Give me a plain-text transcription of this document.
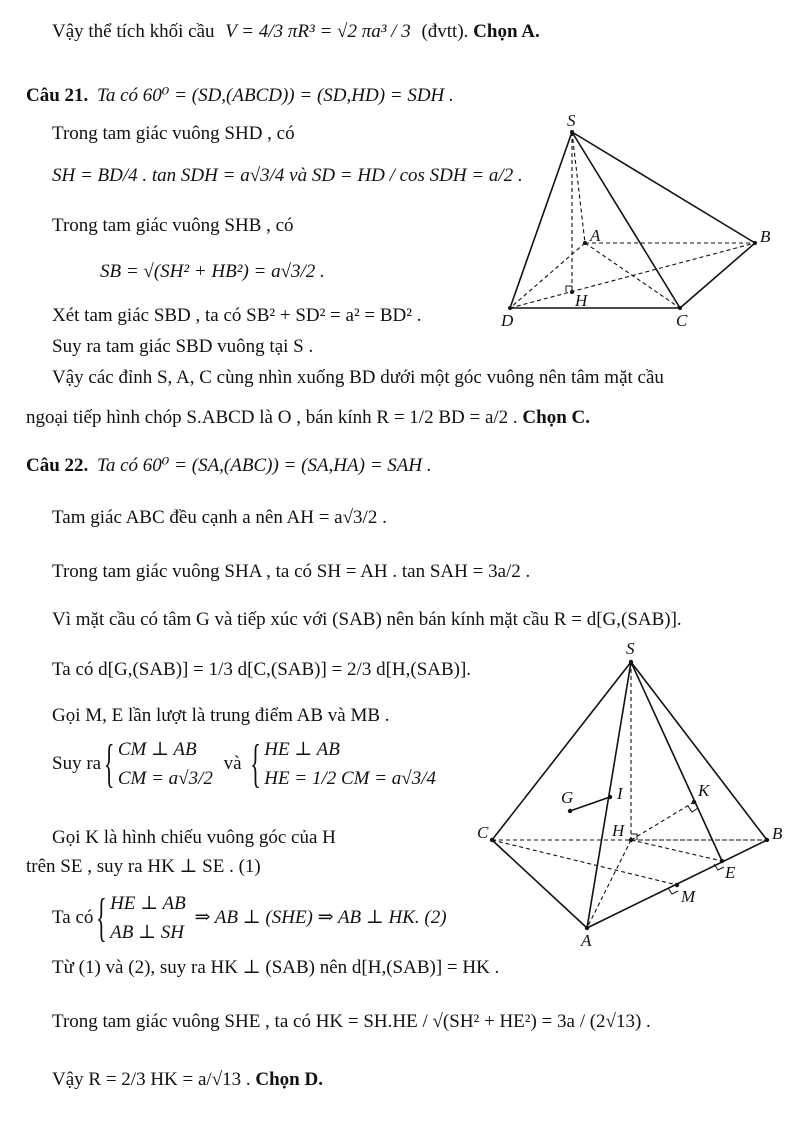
Vậy thể tích khối cầu V = 4/3 πR³ = √2 πa³ / 3 (đvtt). Chọn A.
Câu 21. Ta có 60⁰ = (SD,(ABCD)) = (SD,HD) = SDH .
Trong tam giác vuông SHD , có
SH = BD/4 . tan SDH = a√3/4 và SD = HD / cos SDH = a/2 .
Trong tam giác vuông SHB , có
SB = √(SH² + HB²) = a√3/2 .
Xét tam giác SBD , ta có SB² + SD² = a² = BD² .
Suy ra tam giác SBD vuông tại S .
Vậy các đỉnh S, A, C cùng nhìn xuống BD dưới một góc vuông nên tâm mặt cầu
ngoại tiếp hình chóp S.ABCD là O , bán kính R = 1/2 BD = a/2 . Chọn C.
S
A	B
C
D
H
Câu 22. Ta có 60⁰ = (SA,(ABC)) = (SA,HA) = SAH .
Tam giác ABC đều cạnh a nên AH = a√3/2 .
Trong tam giác vuông SHA , ta có SH = AH . tan SAH = 3a/2 .
Vì mặt cầu có tâm G và tiếp xúc với (SAB) nên bán kính mặt cầu R = d[G,(SAB)].
Ta có d[G,(SAB)] = 1/3 d[C,(SAB)] = 2/3 d[H,(SAB)].
Gọi M, E lần lượt là trung điểm AB và MB .
Suy ra
{ CM ⊥ AB
CM = a√3/2
và
{ HE ⊥ AB
HE = 1/2 CM = a√3/4
Gọi K là hình chiếu vuông góc của H
trên SE , suy ra HK ⊥ SE . (1)
Ta có
{ HE ⊥ AB
AB ⊥ SH
⇒ AB ⊥ (SHE) ⇒ AB ⊥ HK. (2)
Từ (1) và (2), suy ra HK ⊥ (SAB) nên d[H,(SAB)] = HK .
Trong tam giác vuông SHE , ta có HK = SH.HE / √(SH² + HE²) = 3a / (2√13) .
Vậy R = 2/3 HK = a/√13 . Chọn D.
S
C	B
A
G	I	K
H
E
M
